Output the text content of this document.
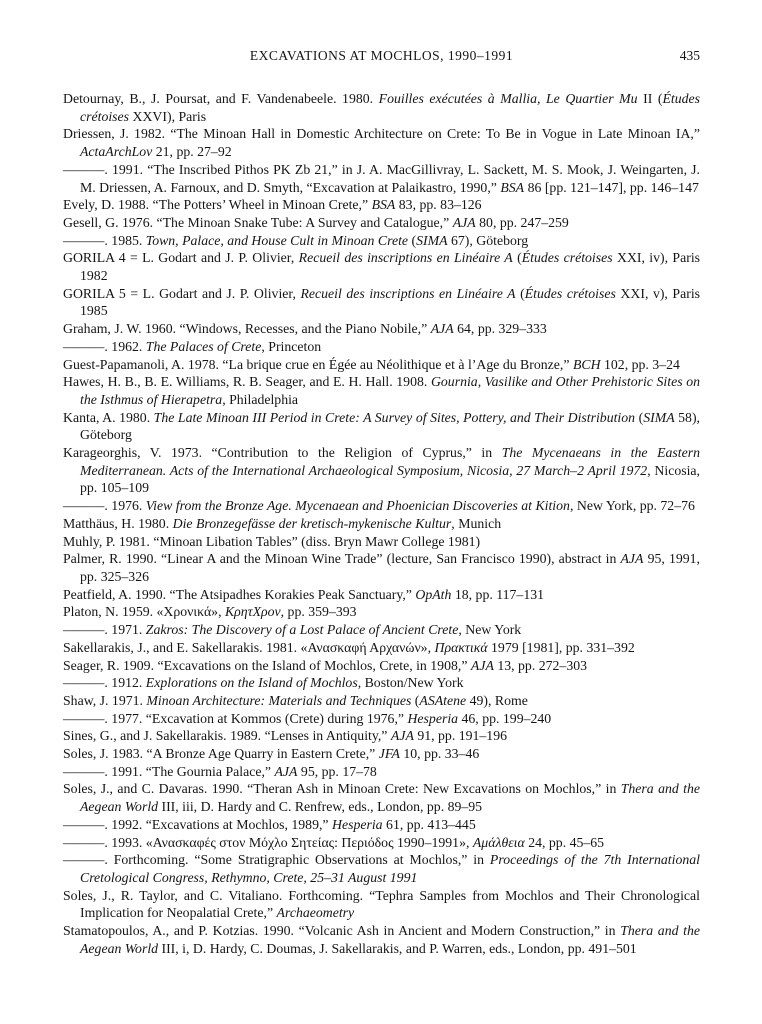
EXCAVATIONS AT MOCHLOS, 1990–1991	435

Detournay, B., J. Poursat, and F. Vandenabeele. 1980. Fouilles exécutées à Mallia, Le Quartier Mu II (Études crétoises XXVI), Paris

Driessen, J. 1982. “The Minoan Hall in Domestic Architecture on Crete: To Be in Vogue in Late Minoan IA,” ActaArchLov 21, pp. 27–92

———. 1991. “The Inscribed Pithos PK Zb 21,” in J. A. MacGillivray, L. Sackett, M. S. Mook, J. Weingarten, J. M. Driessen, A. Farnoux, and D. Smyth, “Excavation at Palaikastro, 1990,” BSA 86 [pp. 121–147], pp. 146–147

Evely, D. 1988. “The Potters’ Wheel in Minoan Crete,” BSA 83, pp. 83–126

Gesell, G. 1976. “The Minoan Snake Tube: A Survey and Catalogue,” AJA 80, pp. 247–259

———. 1985. Town, Palace, and House Cult in Minoan Crete (SIMA 67), Göteborg

GORILA 4 = L. Godart and J. P. Olivier, Recueil des inscriptions en Linéaire A (Études crétoises XXI, iv), Paris 1982

GORILA 5 = L. Godart and J. P. Olivier, Recueil des inscriptions en Linéaire A (Études crétoises XXI, v), Paris 1985

Graham, J. W. 1960. “Windows, Recesses, and the Piano Nobile,” AJA 64, pp. 329–333

———. 1962. The Palaces of Crete, Princeton

Guest-Papamanoli, A. 1978. “La brique crue en Égée au Néolithique et à l’Age du Bronze,” BCH 102, pp. 3–24

Hawes, H. B., B. E. Williams, R. B. Seager, and E. H. Hall. 1908. Gournia, Vasilike and Other Prehistoric Sites on the Isthmus of Hierapetra, Philadelphia

Kanta, A. 1980. The Late Minoan III Period in Crete: A Survey of Sites, Pottery, and Their Distribution (SIMA 58), Göteborg

Karageorghis, V. 1973. “Contribution to the Religion of Cyprus,” in The Mycenaeans in the Eastern Mediterranean. Acts of the International Archaeological Symposium, Nicosia, 27 March–2 April 1972, Nicosia, pp. 105–109

———. 1976. View from the Bronze Age. Mycenaean and Phoenician Discoveries at Kition, New York, pp. 72–76

Matthäus, H. 1980. Die Bronzegefässe der kretisch-mykenische Kultur, Munich

Muhly, P. 1981. “Minoan Libation Tables” (diss. Bryn Mawr College 1981)

Palmer, R. 1990. “Linear A and the Minoan Wine Trade” (lecture, San Francisco 1990), abstract in AJA 95, 1991, pp. 325–326

Peatfield, A. 1990. “The Atsipadhes Korakies Peak Sanctuary,” OpAth 18, pp. 117–131

Platon, N. 1959. «Χρονικά», ΚρητΧρον, pp. 359–393

———. 1971. Zakros: The Discovery of a Lost Palace of Ancient Crete, New York

Sakellarakis, J., and E. Sakellarakis. 1981. «Ανασκαφή Αρχανών», Πρακτικά 1979 [1981], pp. 331–392

Seager, R. 1909. “Excavations on the Island of Mochlos, Crete, in 1908,” AJA 13, pp. 272–303

———. 1912. Explorations on the Island of Mochlos, Boston/New York

Shaw, J. 1971. Minoan Architecture: Materials and Techniques (ASAtene 49), Rome

———. 1977. “Excavation at Kommos (Crete) during 1976,” Hesperia 46, pp. 199–240

Sines, G., and J. Sakellarakis. 1989. “Lenses in Antiquity,” AJA 91, pp. 191–196

Soles, J. 1983. “A Bronze Age Quarry in Eastern Crete,” JFA 10, pp. 33–46

———. 1991. “The Gournia Palace,” AJA 95, pp. 17–78

Soles, J., and C. Davaras. 1990. “Theran Ash in Minoan Crete: New Excavations on Mochlos,” in Thera and the Aegean World III, iii, D. Hardy and C. Renfrew, eds., London, pp. 89–95

———. 1992. “Excavations at Mochlos, 1989,” Hesperia 61, pp. 413–445

———. 1993. «Ανασκαφές στον Μόχλο Σητείας: Περιόδος 1990–1991», Αμάλθεια 24, pp. 45–65

———. Forthcoming. “Some Stratigraphic Observations at Mochlos,” in Proceedings of the 7th International Cretological Congress, Rethymno, Crete, 25–31 August 1991

Soles, J., R. Taylor, and C. Vitaliano. Forthcoming. “Tephra Samples from Mochlos and Their Chronological Implication for Neopalatial Crete,” Archaeometry

Stamatopoulos, A., and P. Kotzias. 1990. “Volcanic Ash in Ancient and Modern Construction,” in Thera and the Aegean World III, i, D. Hardy, C. Doumas, J. Sakellarakis, and P. Warren, eds., London, pp. 491–501
